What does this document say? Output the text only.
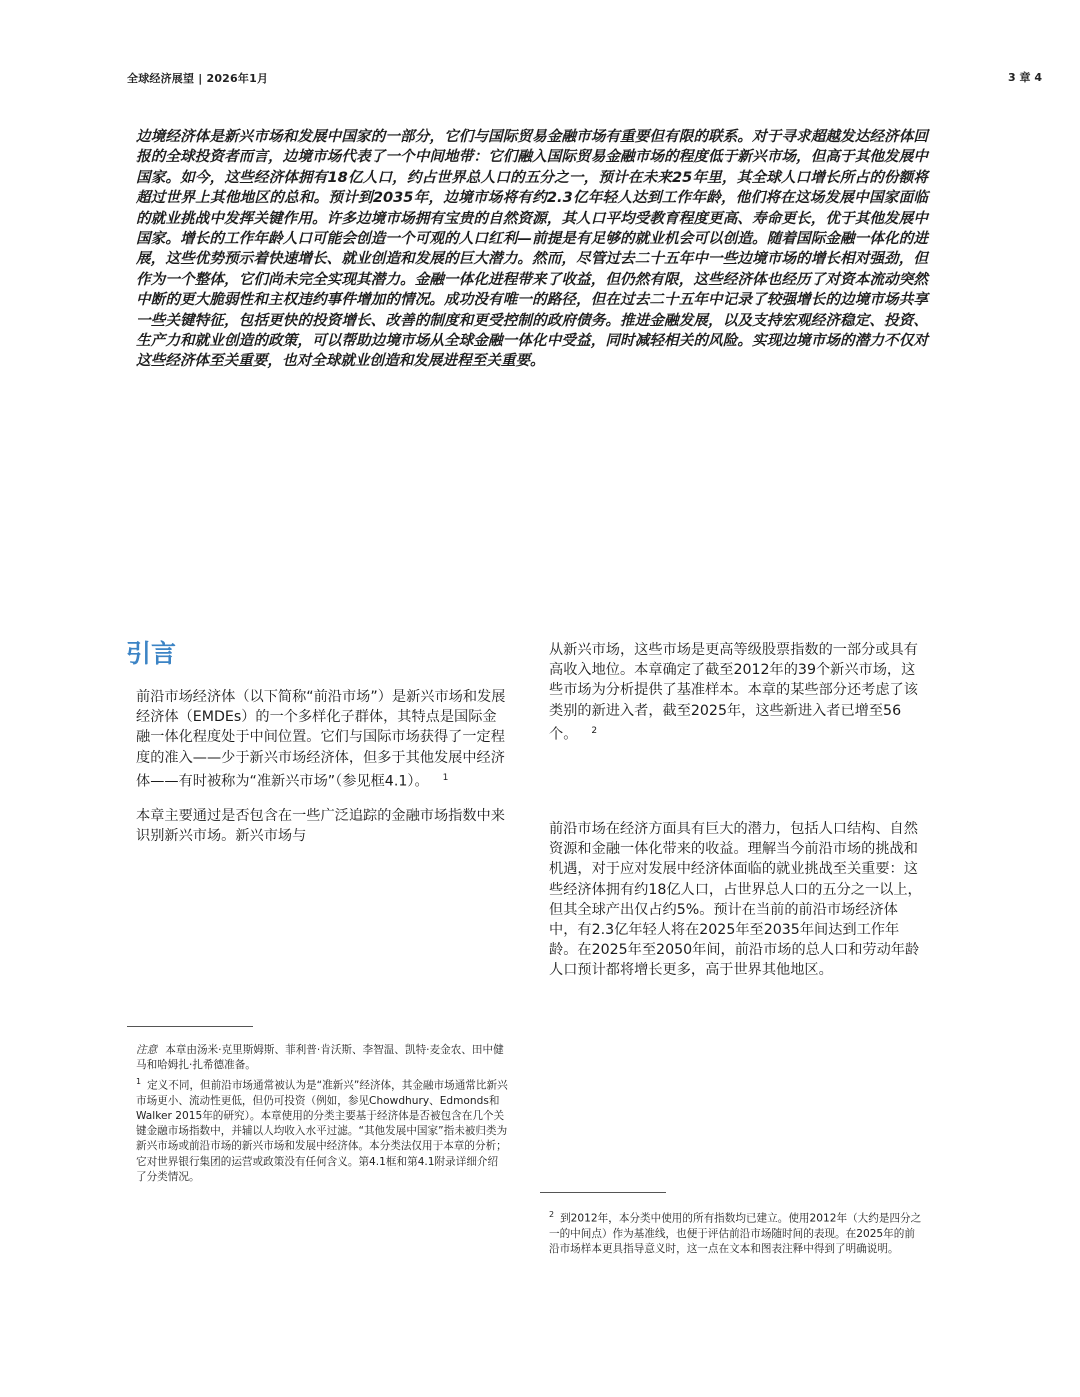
全球经济展望 | 2026年1月	3 章 4

边境经济体是新兴市场和发展中国家的一部分，它们与国际贸易金融市场有重要但有限的联系。对于寻求超越发达经济体回报的全球投资者而言，边境市场代表了一个中间地带：它们融入国际贸易金融市场的程度低于新兴市场，但高于其他发展中国家。如今，这些经济体拥有18亿人口，约占世界总人口的五分之一，预计在未来25年里，其全球人口增长所占的份额将超过世界上其他地区的总和。预计到2035年，边境市场将有约2.3亿年轻人达到工作年龄，他们将在这场发展中国家面临的就业挑战中发挥关键作用。许多边境市场拥有宝贵的自然资源，其人口平均受教育程度更高、寿命更长，优于其他发展中国家。增长的工作年龄人口可能会创造一个可观的人口红利—前提是有足够的就业机会可以创造。随着国际金融一体化的进展，这些优势预示着快速增长、就业创造和发展的巨大潜力。然而，尽管过去二十五年中一些边境市场的增长相对强劲，但作为一个整体，它们尚未完全实现其潜力。金融一体化进程带来了收益，但仍然有限，这些经济体也经历了对资本流动突然中断的更大脆弱性和主权违约事件增加的情况。成功没有唯一的路径，但在过去二十五年中记录了较强增长的边境市场共享一些关键特征，包括更快的投资增长、改善的制度和更受控制的政府债务。推进金融发展，以及支持宏观经济稳定、投资、生产力和就业创造的政策，可以帮助边境市场从全球金融一体化中受益，同时减轻相关的风险。实现边境市场的潜力不仅对这些经济体至关重要，也对全球就业创造和发展进程至关重要。

引言

前沿市场经济体（以下简称“前沿市场”）是新兴市场和发展经济体（EMDEs）的一个多样化子群体，其特点是国际金融一体化程度处于中间位置。它们与国际市场获得了一定程度的准入——少于新兴市场经济体，但多于其他发展中经济体——有时被称为“准新兴市场”（参见框4.1）。 $^1$

本章主要通过是否包含在一些广泛追踪的金融市场指数中来识别新兴市场。新兴市场与

从新兴市场，这些市场是更高等级股票指数的一部分或具有高收入地位。本章确定了截至2012年的39个新兴市场，这些市场为分析提供了基准样本。本章的某些部分还考虑了该类别的新进入者，截至2025年，这些新进入者已增至56个。 $^2$

前沿市场在经济方面具有巨大的潜力，包括人口结构、自然资源和金融一体化带来的收益。理解当今前沿市场的挑战和机遇，对于应对发展中经济体面临的就业挑战至关重要：这些经济体拥有约18亿人口，占世界总人口的五分之一以上，但其全球产出仅占约5%。预计在当前的前沿市场经济体中，有2.3亿年轻人将在2025年至2035年间达到工作年龄。在2025年至2050年间，前沿市场的总人口和劳动年龄人口预计都将增长更多，高于世界其他地区。

注意 本章由汤米·克里斯姆斯、菲利普·肯沃斯、李智温、凯特·麦金农、田中健马和哈姆扎·扎希德准备。

$^1$ 定义不同，但前沿市场通常被认为是“准新兴”经济体，其金融市场通常比新兴市场更小、流动性更低，但仍可投资（例如，参见Chowdhury、Edmonds和Walker 2015年的研究）。本章使用的分类主要基于经济体是否被包含在几个关键金融市场指数中，并辅以人均收入水平过滤。“其他发展中国家”指未被归类为新兴市场或前沿市场的新兴市场和发展中经济体。本分类法仅用于本章的分析；它对世界银行集团的运营或政策没有任何含义。第4.1框和第4.1附录详细介绍了分类情况。

$^2$ 到2012年，本分类中使用的所有指数均已建立。使用2012年（大约是四分之一的中间点）作为基准线，也便于评估前沿市场随时间的表现。在2025年的前沿市场样本更具指导意义时，这一点在文本和图表注释中得到了明确说明。
